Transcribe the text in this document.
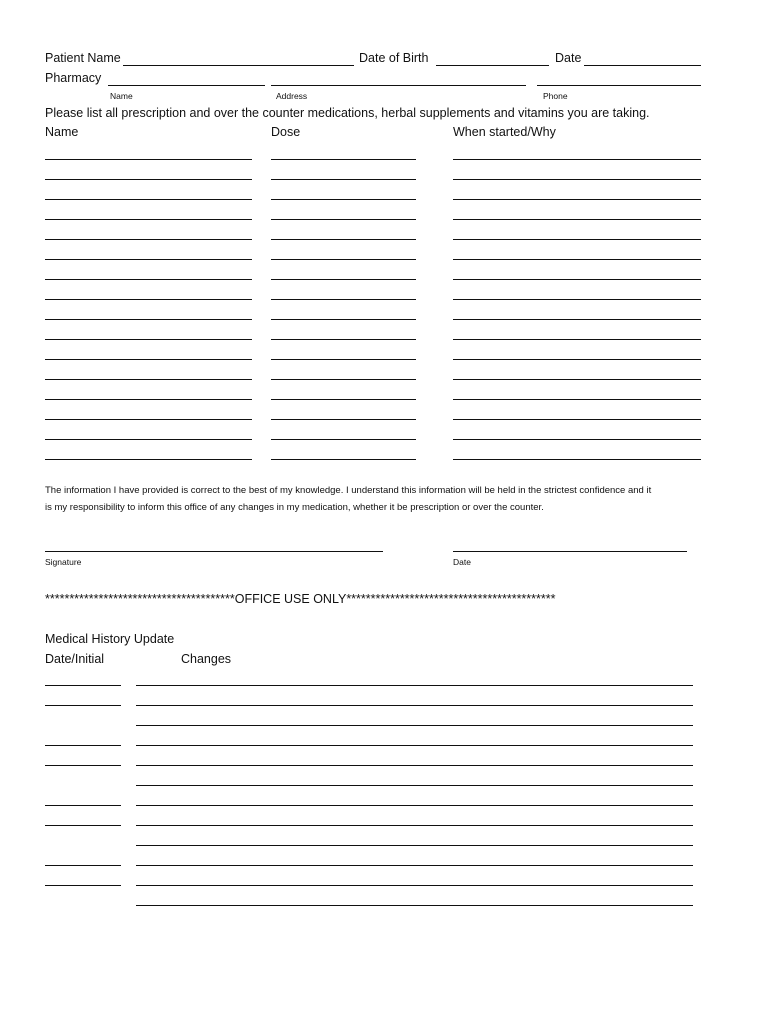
Patient Name	Date of Birth	Date
Pharmacy
Name	Address	Phone
Please list all prescription and over the counter medications, herbal supplements and vitamins you are taking.
Name	Dose	When started/Why
The information I have provided is correct to the best of my knowledge. I understand this information will be held in the strictest confidence and it
is my responsibility to inform this office of any changes in my medication, whether it be prescription or over the counter.
Signature	Date
***************************************OFFICE USE ONLY*******************************************
Medical History Update
Date/Initial	Changes
